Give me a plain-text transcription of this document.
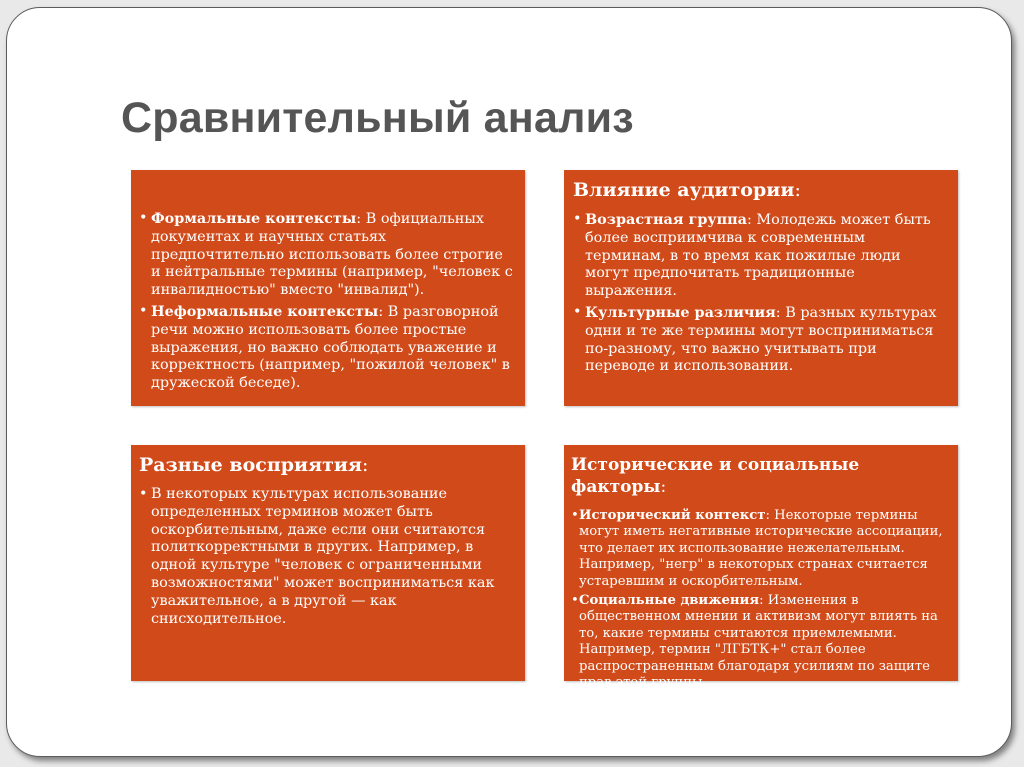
Сравнительный анализ
• Формальные контексты: В официальных документах и научных статьях предпочтительно использовать более строгие и нейтральные термины (например, "человек с инвалидностью" вместо "инвалид").
• Неформальные контексты: В разговорной речи можно использовать более простые выражения, но важно соблюдать уважение и корректность (например, "пожилой человек" в дружеской беседе).

Влияние аудитории:

• Возрастная группа: Молодежь может быть более восприимчива к современным терминам, в то время как пожилые люди могут предпочитать традиционные выражения.
• Культурные различия: В разных культурах одни и те же термины могут восприниматься по-разному, что важно учитывать при переводе и использовании.

Разные восприятия:

• В некоторых культурах использование определенных терминов может быть оскорбительным, даже если они считаются политкорректными в других. Например, в одной культуре "человек с ограниченными возможностями" может восприниматься как уважительное, а в другой — как снисходительное.

Исторические и социальные факторы:

• Исторический контекст: Некоторые термины могут иметь негативные исторические ассоциации, что делает их использование нежелательным. Например, "негр" в некоторых странах считается устаревшим и оскорбительным.
• Социальные движения: Изменения в общественном мнении и активизм могут влиять на то, какие термины считаются приемлемыми. Например, термин "ЛГБТК+" стал более распространенным благодаря усилиям по защите прав этой группы.
